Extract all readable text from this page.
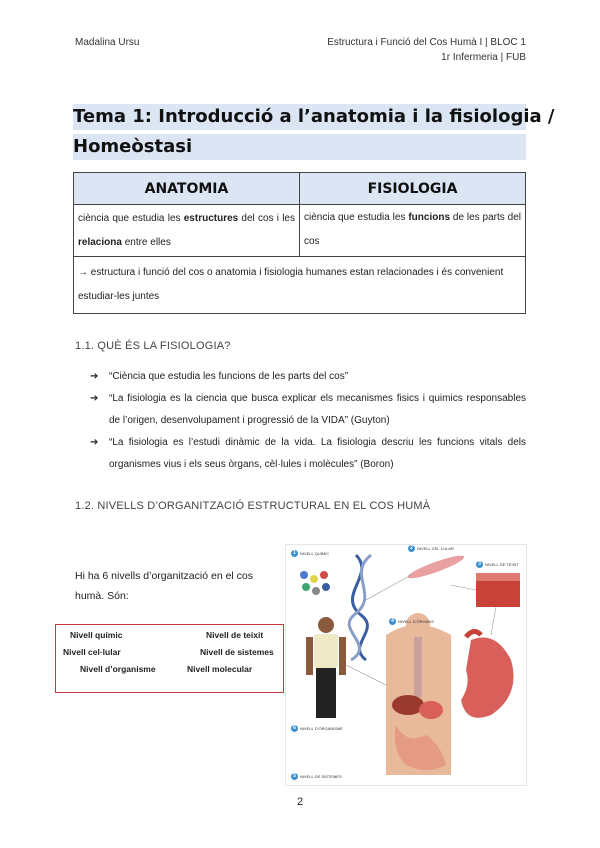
Madalina Ursu	Estructura i Funció del Cos Humà I | BLOC 1
1r Infermeria | FUB
Tema 1: Introducció a l’anatomia i la fisiologia /
Homeòstasi
ANATOMIA	FISIOLOGIA
ciència que estudia les estructures del cos i les relaciona entre elles	ciència que estudia les funcions de les parts del cos
→ estructura i funció del cos o anatomia i fisiologia humanes estan relacionades i és convenient estudiar-les juntes	
1.1. QUÈ ÉS LA FISIOLOGIA?
➔ “Ciència que estudia les funcions de les parts del cos”
➔ “La fisiologia es la ciencia que busca explicar els mecanismes fisics i quimics responsables de l’origen, desenvolupament i progressió de la VIDA” (Guyton)
➔ “La fisiologia es l’estudi dinàmic de la vida. La fisiologia descriu les funcions vitals dels organismes vius i els seus òrgans, cèl·lules i molècules” (Boron)
1.2. NIVELLS D’ORGANITZACIÓ ESTRUCTURAL EN EL COS HUMÀ
Hi ha 6 nivells d’organització en el cos humà. Són:
Nivell químic	Nivell de teixit
Nivell cel·lular	Nivell de sistemes
Nivell d’organisme	Nivell molecular
1	NIVELL QUÍMIC
2	NIVELL CEL·LULAR
3	NIVELL DE TEIXIT
4	NIVELL D’ÒRGANS
5	NIVELL DE SISTEMES
6	NIVELL D’ORGANISME
2
